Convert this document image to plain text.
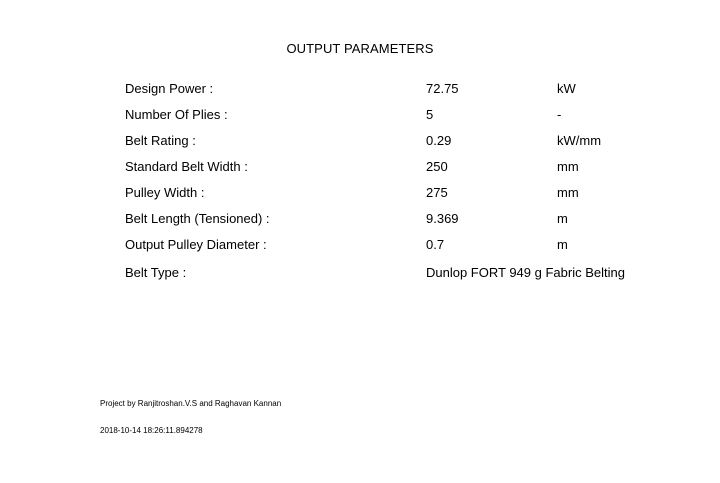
OUTPUT PARAMETERS
Design Power :	72.75	kW
Number Of Plies :	5	-
Belt Rating :	0.29	kW/mm
Standard Belt Width :	250	mm
Pulley Width :	275	mm
Belt Length (Tensioned) :	9.369	m
Output Pulley Diameter :	0.7	m
Belt Type :	Dunlop FORT 949 g Fabric Belting
Project by Ranjitroshan.V.S and Raghavan Kannan
2018-10-14 18:26:11.894278
